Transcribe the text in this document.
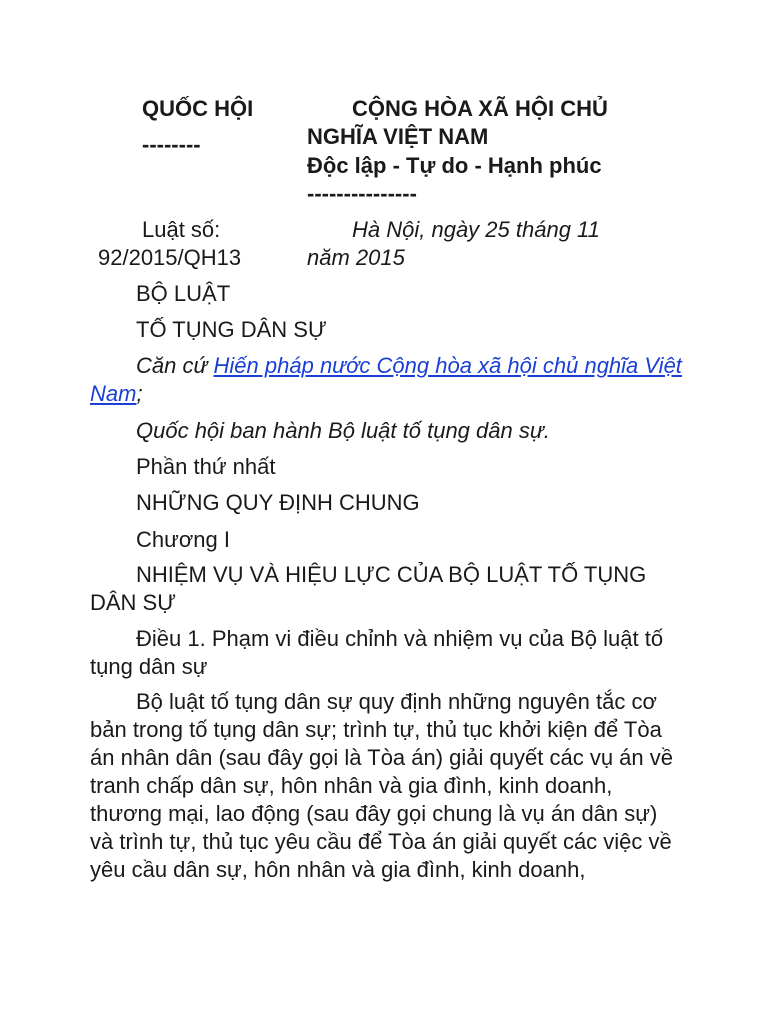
QUỐC HỘI
--------
CỘNG HÒA XÃ HỘI CHỦ
NGHĨA VIỆT NAM
Độc lập - Tự do - Hạnh phúc
---------------
Luật số:
92/2015/QH13
Hà Nội, ngày 25 tháng 11
năm 2015
BỘ LUẬT
TỐ TỤNG DÂN SỰ
Căn cứ Hiến pháp nước Cộng hòa xã hội chủ nghĩa Việt Nam;
Quốc hội ban hành Bộ luật tố tụng dân sự.
Phần thứ nhất
NHỮNG QUY ĐỊNH CHUNG
Chương I
NHIỆM VỤ VÀ HIỆU LỰC CỦA BỘ LUẬT TỐ TỤNG DÂN SỰ
Điều 1. Phạm vi điều chỉnh và nhiệm vụ của Bộ luật tố tụng dân sự
Bộ luật tố tụng dân sự quy định những nguyên tắc cơ bản trong tố tụng dân sự; trình tự, thủ tục khởi kiện để Tòa án nhân dân (sau đây gọi là Tòa án) giải quyết các vụ án về tranh chấp dân sự, hôn nhân và gia đình, kinh doanh, thương mại, lao động (sau đây gọi chung là vụ án dân sự) và trình tự, thủ tục yêu cầu để Tòa án giải quyết các việc về yêu cầu dân sự, hôn nhân và gia đình, kinh doanh,
